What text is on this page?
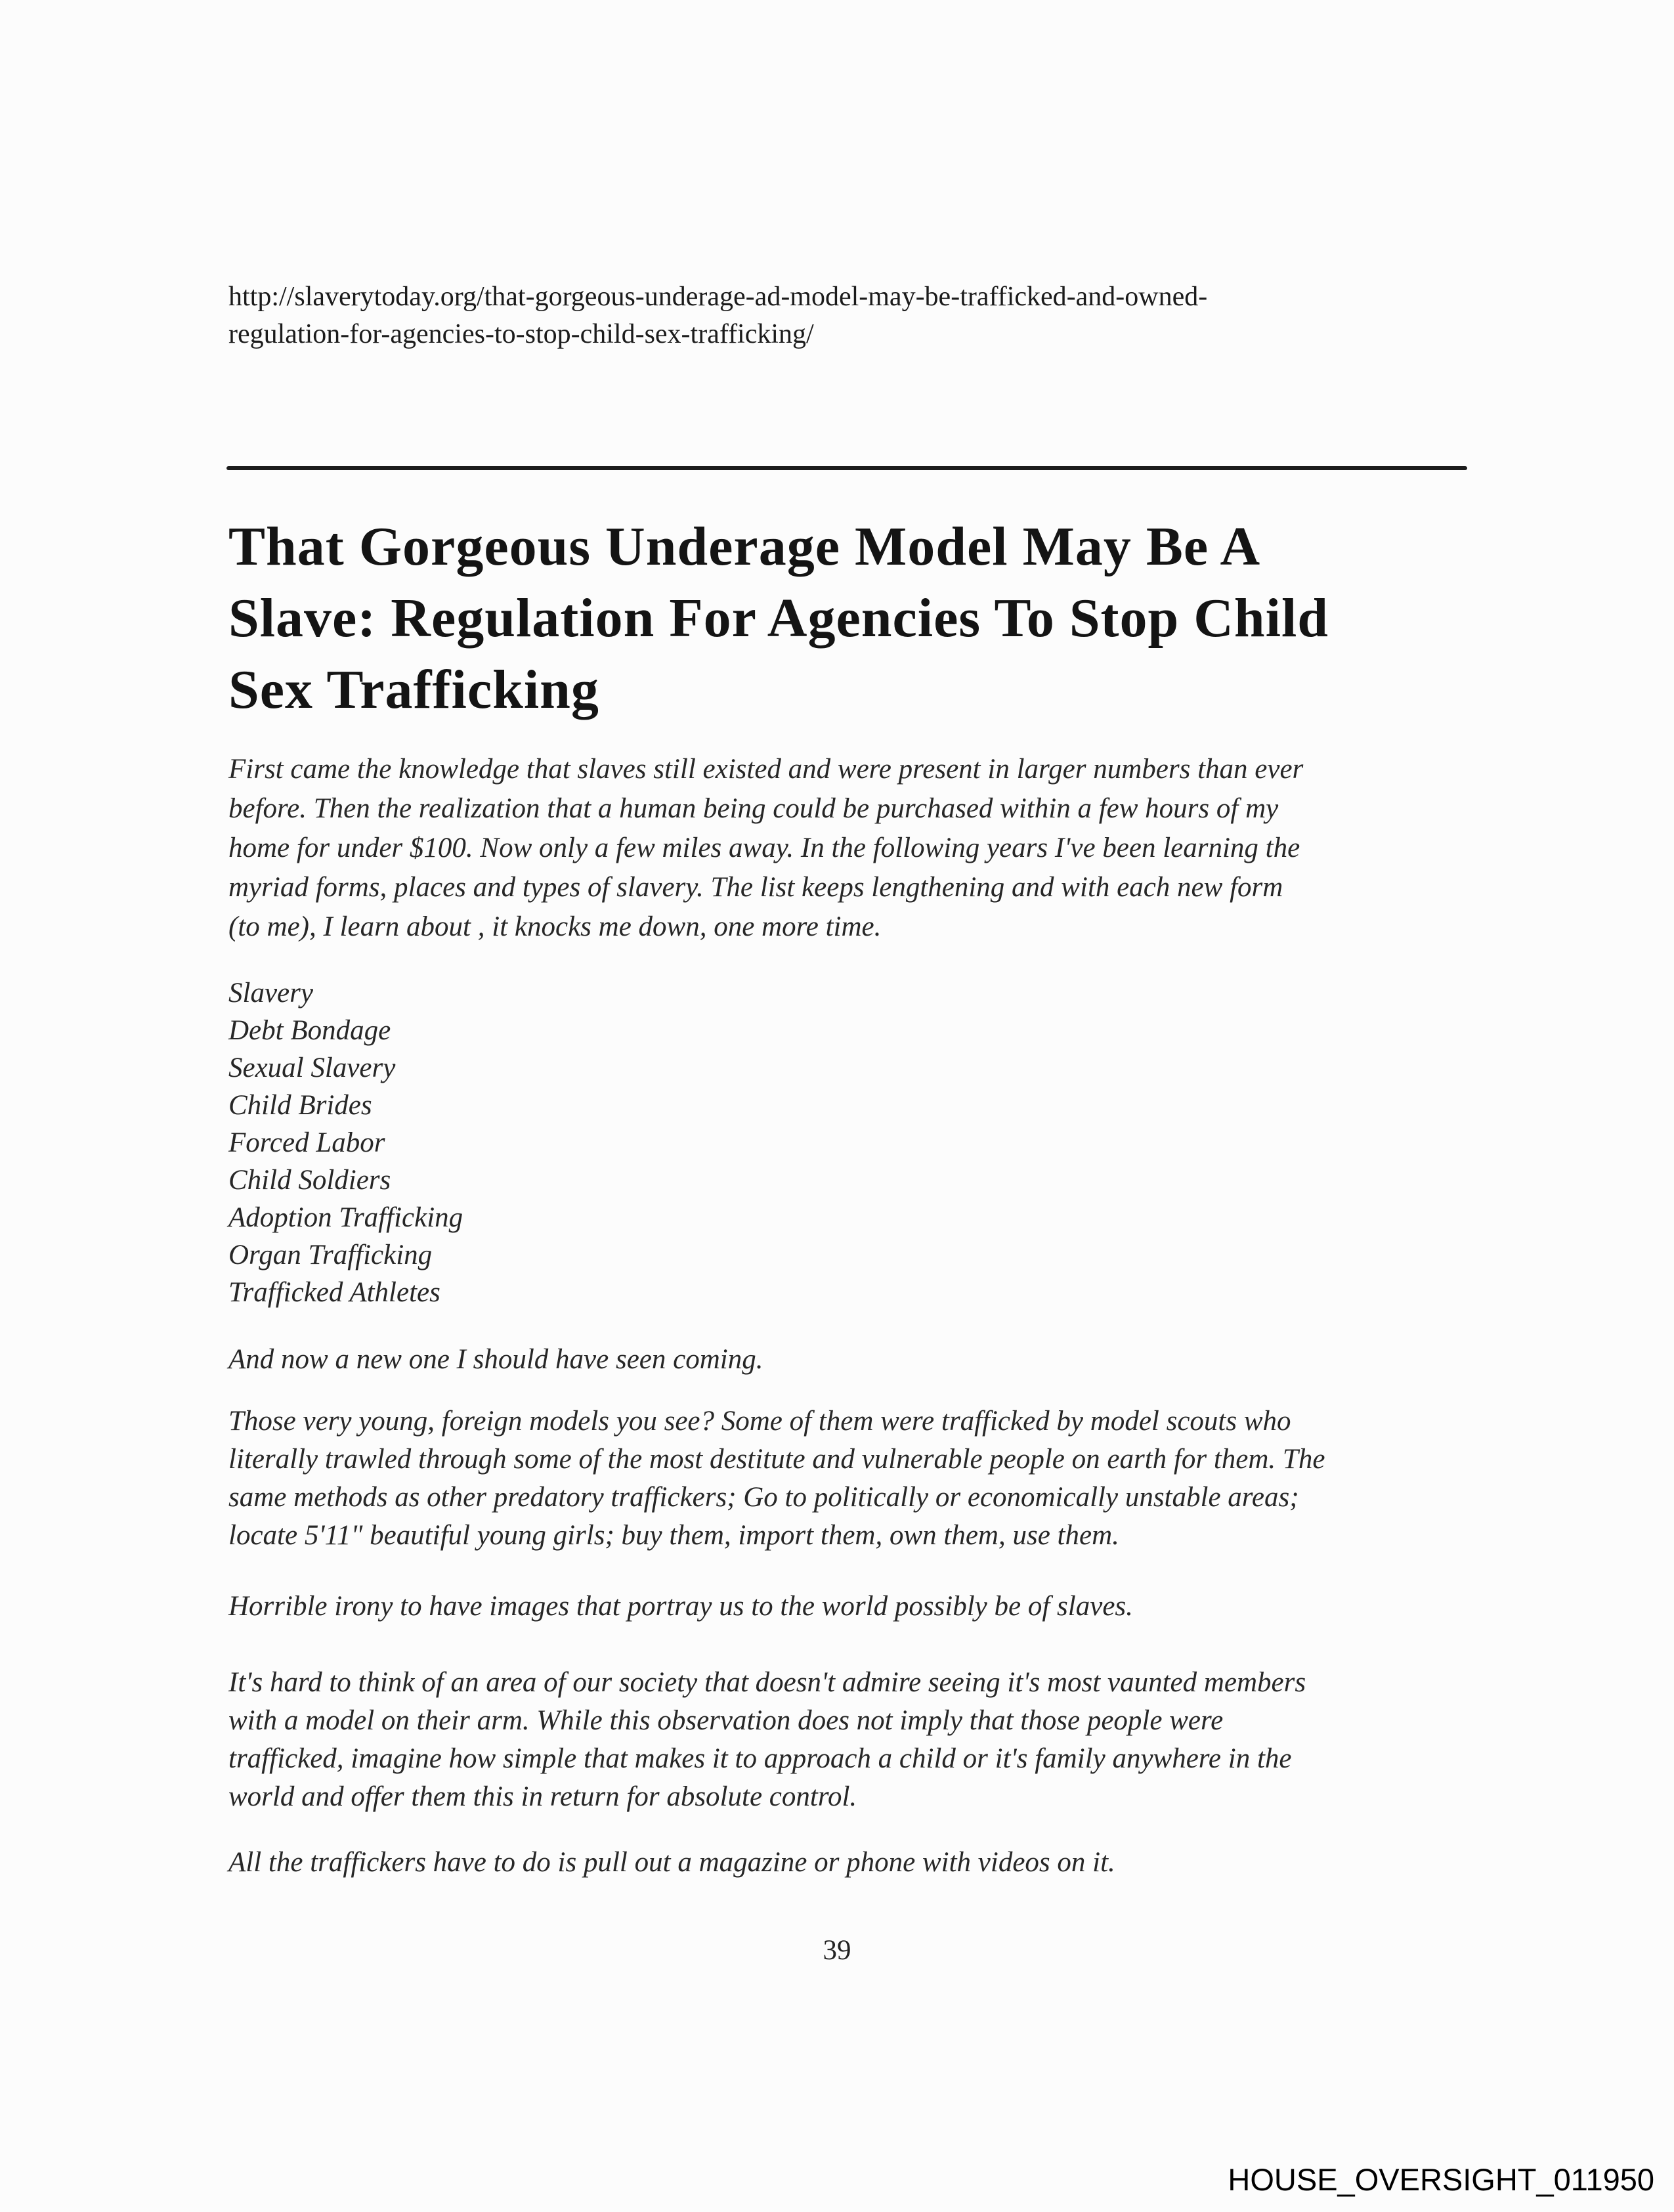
http://slaverytoday.org/that-gorgeous-underage-ad-model-may-be-trafficked-and-owned-
regulation-for-agencies-to-stop-child-sex-trafficking/
That Gorgeous Underage Model May Be A
Slave: Regulation For Agencies To Stop Child
Sex Trafficking
First came the knowledge that slaves still existed and were present in larger numbers than ever
before. Then the realization that a human being could be purchased within a few hours of my
home for under $100. Now only a few miles away. In the following years I've been learning the
myriad forms, places and types of slavery. The list keeps lengthening and with each new form
(to me), I learn about , it knocks me down, one more time.
Slavery
Debt Bondage
Sexual Slavery
Child Brides
Forced Labor
Child Soldiers
Adoption Trafficking
Organ Trafficking
Trafficked Athletes
And now a new one I should have seen coming.
Those very young, foreign models you see? Some of them were trafficked by model scouts who
literally trawled through some of the most destitute and vulnerable people on earth for them. The
same methods as other predatory traffickers; Go to politically or economically unstable areas;
locate 5'11" beautiful young girls; buy them, import them, own them, use them.
Horrible irony to have images that portray us to the world possibly be of slaves.
It's hard to think of an area of our society that doesn't admire seeing it's most vaunted members
with a model on their arm. While this observation does not imply that those people were
trafficked, imagine how simple that makes it to approach a child or it's family anywhere in the
world and offer them this in return for absolute control.
All the traffickers have to do is pull out a magazine or phone with videos on it.
39
HOUSE_OVERSIGHT_011950
